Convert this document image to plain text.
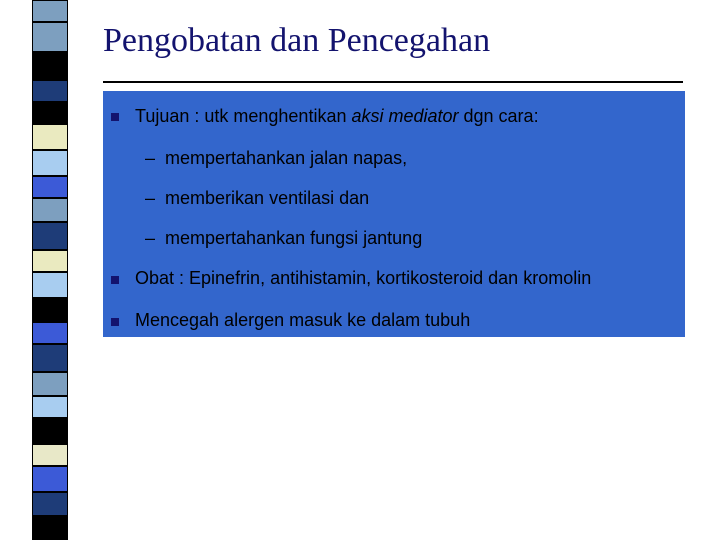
Pengobatan dan Pencegahan
Tujuan : utk menghentikan aksi mediator dgn cara:
– mempertahankan jalan napas,
– memberikan ventilasi dan
– mempertahankan fungsi jantung
Obat : Epinefrin, antihistamin, kortikosteroid dan kromolin
Mencegah alergen masuk ke dalam tubuh
